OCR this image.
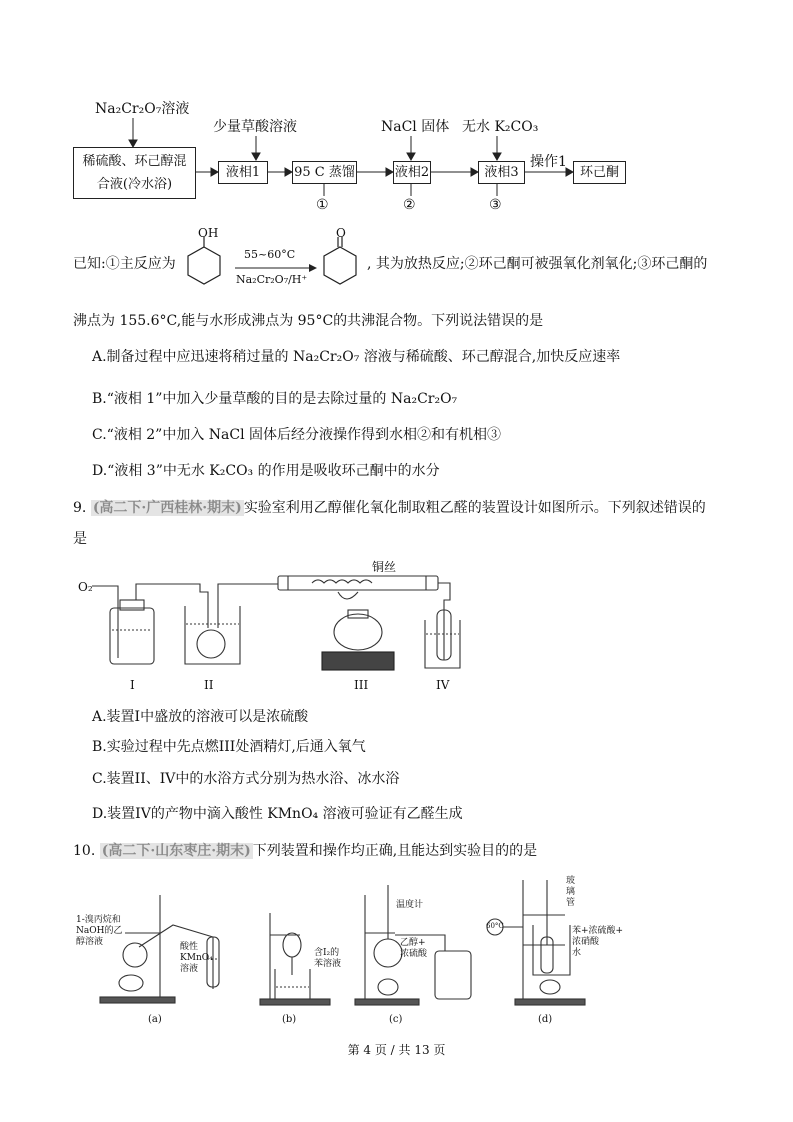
Na₂Cr₂O₇溶液
稀硫酸、环己醇混
合液(冷水浴)
少量草酸溶液
液相1	95 C 蒸馏
①
NaCl 固体
液相2
②
无水 K₂CO₃
液相3
③
操作1
环己酮
已知:①主反应为
OH
55~60°C
Na₂Cr₂O₇/H⁺
O
, 其为放热反应;②环己酮可被强氧化剂氧化;③环己酮的
沸点为 155.6°C,能与水形成沸点为 95°C的共沸混合物。下列说法错误的是
A.制备过程中应迅速将稍过量的 Na₂Cr₂O₇ 溶液与稀硫酸、环己醇混合,加快反应速率
B.“液相 1”中加入少量草酸的目的是去除过量的 Na₂Cr₂O₇
C.“液相 2”中加入 NaCl 固体后经分液操作得到水相②和有机相③
D.“液相 3”中无水 K₂CO₃ 的作用是吸收环己酮中的水分
9. (高二下·广西桂林·期末) 实验室利用乙醇催化氧化制取粗乙醛的装置设计如图所示。下列叙述错误的
是
O₂
铜丝
I	II	III	IV
A.装置I中盛放的溶液可以是浓硫酸
B.实验过程中先点燃III处酒精灯,后通入氧气
C.装置II、IV中的水浴方式分别为热水浴、冰水浴
D.装置IV的产物中滴入酸性 KMnO₄ 溶液可验证有乙醛生成
10. (高二下·山东枣庄·期末) 下列装置和操作均正确,且能达到实验目的的是
1-溴丙烷和
NaOH的乙
醇溶液	酸性
KMnO₄
溶液
含I₂的
苯溶液
温度计
乙醇+
浓硫酸
玻
璃
管
苯+浓硫酸+
浓硝酸
水
60°C
(a)	(b)	(c)	(d)
第 4 页 / 共 13 页
